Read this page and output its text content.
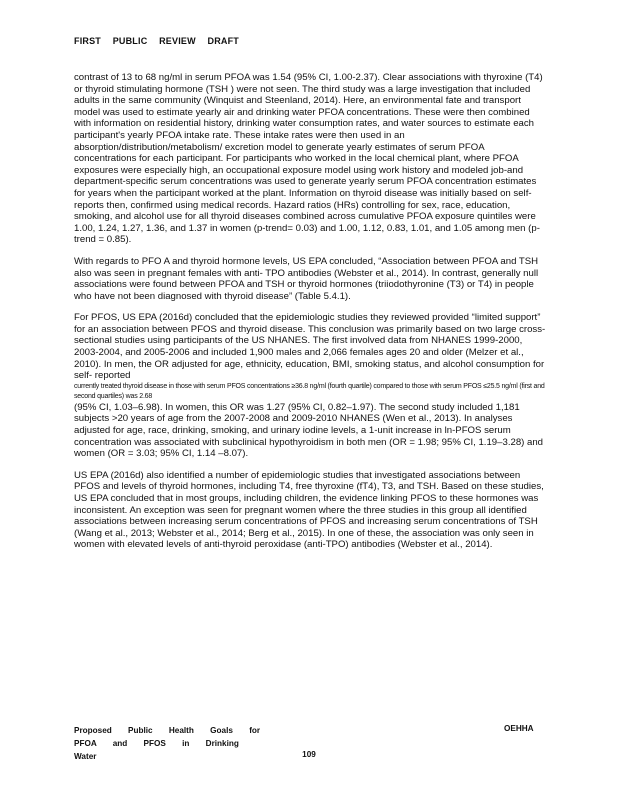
FIRST PUBLIC REVIEW DRAFT

contrast of 13 to 68 ng/ml in serum PFOA was 1.54 (95% CI, 1.00-2.37). Clear associations with thyroxine (T4) or thyroid stimulating hormone (TSH ) were not seen. The third study was a large investigation that included adults in the same community (Winquist and Steenland, 2014). Here, an environmental fate and transport model was used to estimate yearly air and drinking water PFOA concentrations. These were then combined with information on residential history, drinking water consumption rates, and water sources to estimate each participant's yearly PFOA intake rate. These intake rates were then used in an absorption/distribution/metabolism/ excretion model to generate yearly estimates of serum PFOA concentrations for each participant. For participants who worked in the local chemical plant, where PFOA exposures were especially high, an occupational exposure model using work history and modeled job-and department-specific serum concentrations was used to generate yearly serum PFOA concentration estimates for years when the participant worked at the plant. Information on thyroid disease was initially based on self-reports then, confirmed using medical records. Hazard ratios (HRs) controlling for sex, race, education, smoking, and alcohol use for all thyroid diseases combined across cumulative PFOA exposure quintiles were 1.00, 1.24, 1.27, 1.36, and 1.37 in women (p-trend= 0.03) and 1.00, 1.12, 0.83, 1.01, and 1.05 among men (p- trend = 0.85).

With regards to PFO A and thyroid hormone levels, US EPA concluded, “Association between PFOA and TSH also was seen in pregnant females with anti- TPO antibodies (Webster et al., 2014). In contrast, generally null associations were found between PFOA and TSH or thyroid hormones (triiodothyronine (T3) or T4) in people who have not been diagnosed with thyroid disease” (Table 5.4.1).

For PFOS, US EPA (2016d) concluded that the epidemiologic studies they reviewed provided “limited support” for an association between PFOS and thyroid disease. This conclusion was primarily based on two large cross-sectional studies using participants of the US NHANES. The first involved data from NHANES 1999-2000, 2003-2004, and 2005-2006 and included 1,900 males and 2,066 females ages 20 and older (Melzer et al., 2010). In men, the OR adjusted for age, ethnicity, education, BMI, smoking status, and alcohol consumption for self- reported
currently treated thyroid disease in those with serum PFOS concentrations ≥36.8 ng/ml (fourth quartile) compared to those with serum PFOS ≤25.5 ng/ml (first and second quartiles) was 2.68
(95% CI, 1.03–6.98). In women, this OR was 1.27 (95% CI, 0.82–1.97). The second study included 1,181 subjects >20 years of age from the 2007-2008 and 2009-2010 NHANES (Wen et al., 2013). In analyses adjusted for age, race, drinking, smoking, and urinary iodine levels, a 1-unit increase in ln-PFOS serum concentration was associated with subclinical hypothyroidism in both men (OR = 1.98; 95% CI, 1.19–3.28) and women (OR = 3.03; 95% CI, 1.14 –8.07).

US EPA (2016d) also identified a number of epidemiologic studies that investigated associations between PFOS and levels of thyroid hormones, including T4, free thyroxine (fT4), T3, and TSH. Based on these studies, US EPA concluded that in most groups, including children, the evidence linking PFOS to these hormones was inconsistent. An exception was seen for pregnant women where the three studies in this group all identified associations between increasing serum concentrations of PFOS and increasing serum concentrations of TSH (Wang et al., 2013; Webster et al., 2014; Berg et al., 2015). In one of these, the association was only seen in women with elevated levels of anti-thyroid peroxidase (anti-TPO) antibodies (Webster et al., 2014).

Proposed Public Health Goals for
PFOA and PFOS in Drinking Water
OEHHA
109
